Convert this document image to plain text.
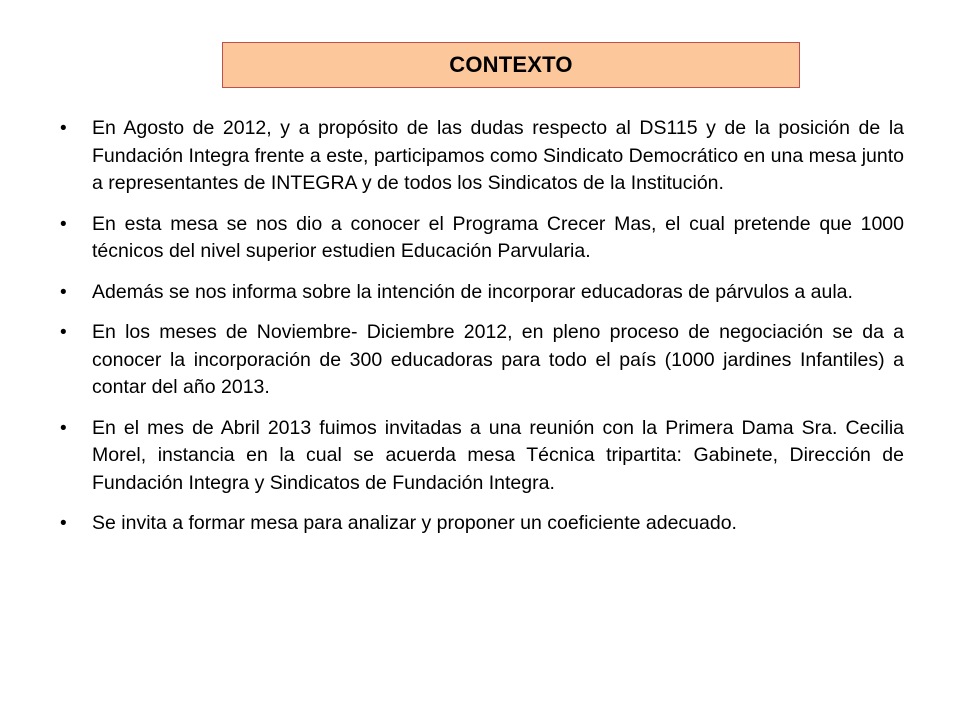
CONTEXTO
• En Agosto de 2012, y a propósito de las dudas respecto al DS115 y de la posición de la Fundación Integra frente a este, participamos como Sindicato Democrático en una mesa junto a representantes de INTEGRA y de todos los Sindicatos de la Institución.
• En esta mesa se nos dio a conocer el Programa Crecer Mas, el cual pretende que 1000 técnicos del nivel superior estudien Educación Parvularia.
• Además se nos informa sobre la intención de incorporar educadoras de párvulos a aula.
• En los meses de Noviembre- Diciembre 2012, en pleno proceso de negociación se da a conocer la incorporación de 300 educadoras para todo el país (1000 jardines Infantiles) a contar del año 2013.
• En el mes de Abril 2013 fuimos invitadas a una reunión con la Primera Dama Sra. Cecilia Morel, instancia en la cual se acuerda mesa Técnica tripartita: Gabinete, Dirección de Fundación Integra y Sindicatos de Fundación Integra.
• Se invita a formar mesa para analizar y proponer un coeficiente adecuado.
